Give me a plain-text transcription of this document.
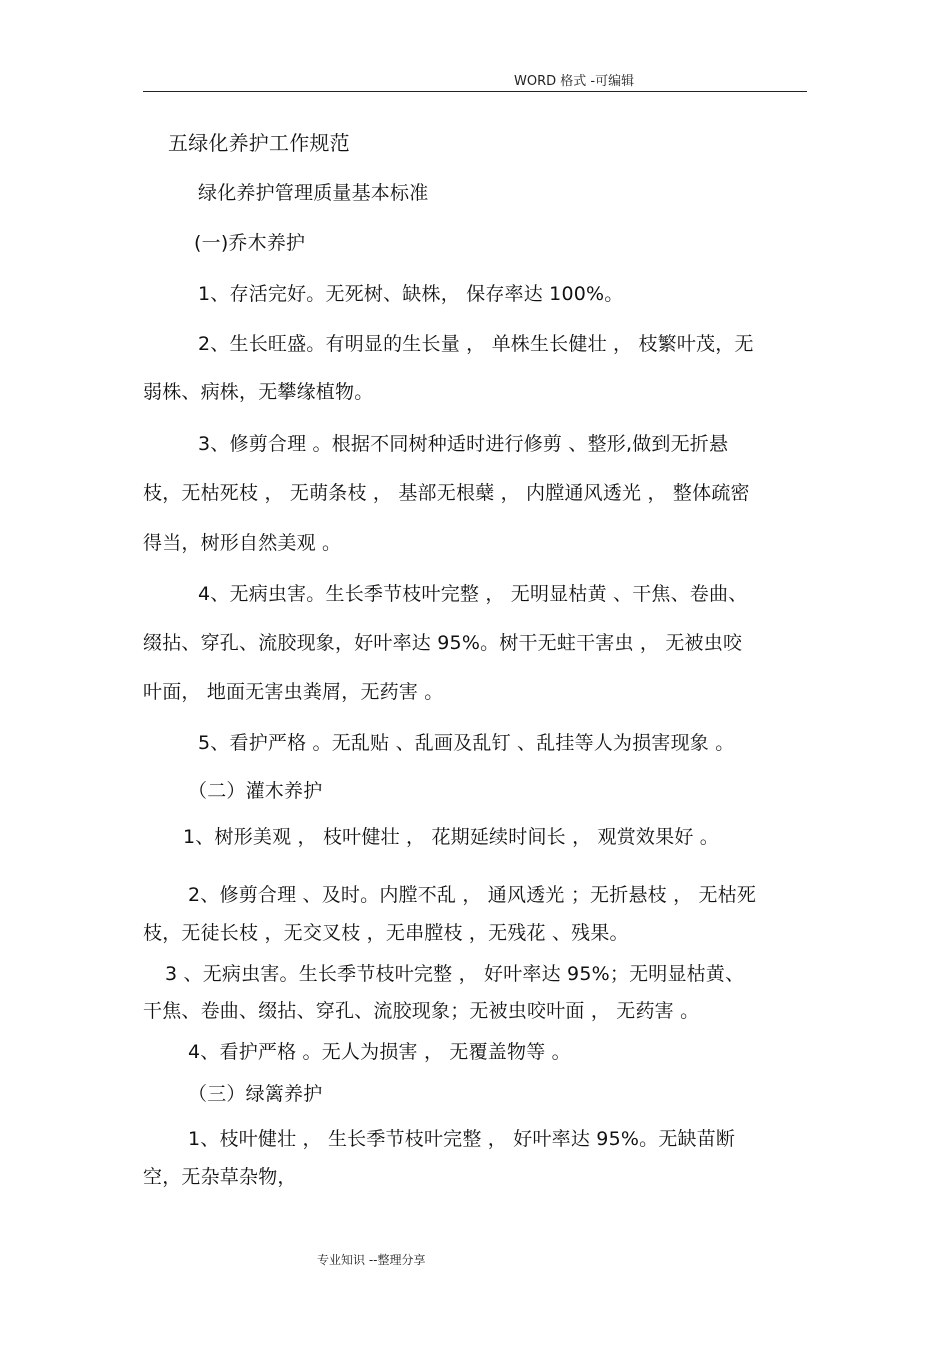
WORD 格式 -可编辑
五绿化养护工作规范
绿化养护管理质量基本标准
(一)乔木养护
1、存活完好。无死树、缺株， 保存率达 100%。
2、生长旺盛。有明显的生长量 ， 单株生长健壮 ， 枝繁叶茂，无
弱株、病株，无攀缘植物。
3、修剪合理 。根据不同树种适时进行修剪 、整形,做到无折悬
枝，无枯死枝 ， 无萌条枝 ， 基部无根蘖 ， 内膛通风透光 ， 整体疏密
得当，树形自然美观 。
4、无病虫害。生长季节枝叶完整 ， 无明显枯黄 、干焦、卷曲、
缀拈、穿孔、流胶现象，好叶率达 95%。树干无蛀干害虫 ， 无被虫咬
叶面， 地面无害虫粪屑，无药害 。
5、看护严格 。无乱贴 、乱画及乱钉 、乱挂等人为损害现象 。
（二）灌木养护
1、树形美观 ， 枝叶健壮 ， 花期延续时间长 ， 观赏效果好 。
2、修剪合理 、及时。内膛不乱 ， 通风透光 ；无折悬枝 ， 无枯死
枝，无徒长枝 ，无交叉枝 ，无串膛枝 ，无残花 、残果。
3 、无病虫害。生长季节枝叶完整 ， 好叶率达 95%；无明显枯黄、
干焦、卷曲、缀拈、穿孔、流胶现象；无被虫咬叶面 ， 无药害 。
4、看护严格 。无人为损害 ， 无覆盖物等 。
（三）绿篱养护
1、枝叶健壮 ， 生长季节枝叶完整 ， 好叶率达 95%。无缺苗断
空，无杂草杂物，
专业知识 --整理分享
